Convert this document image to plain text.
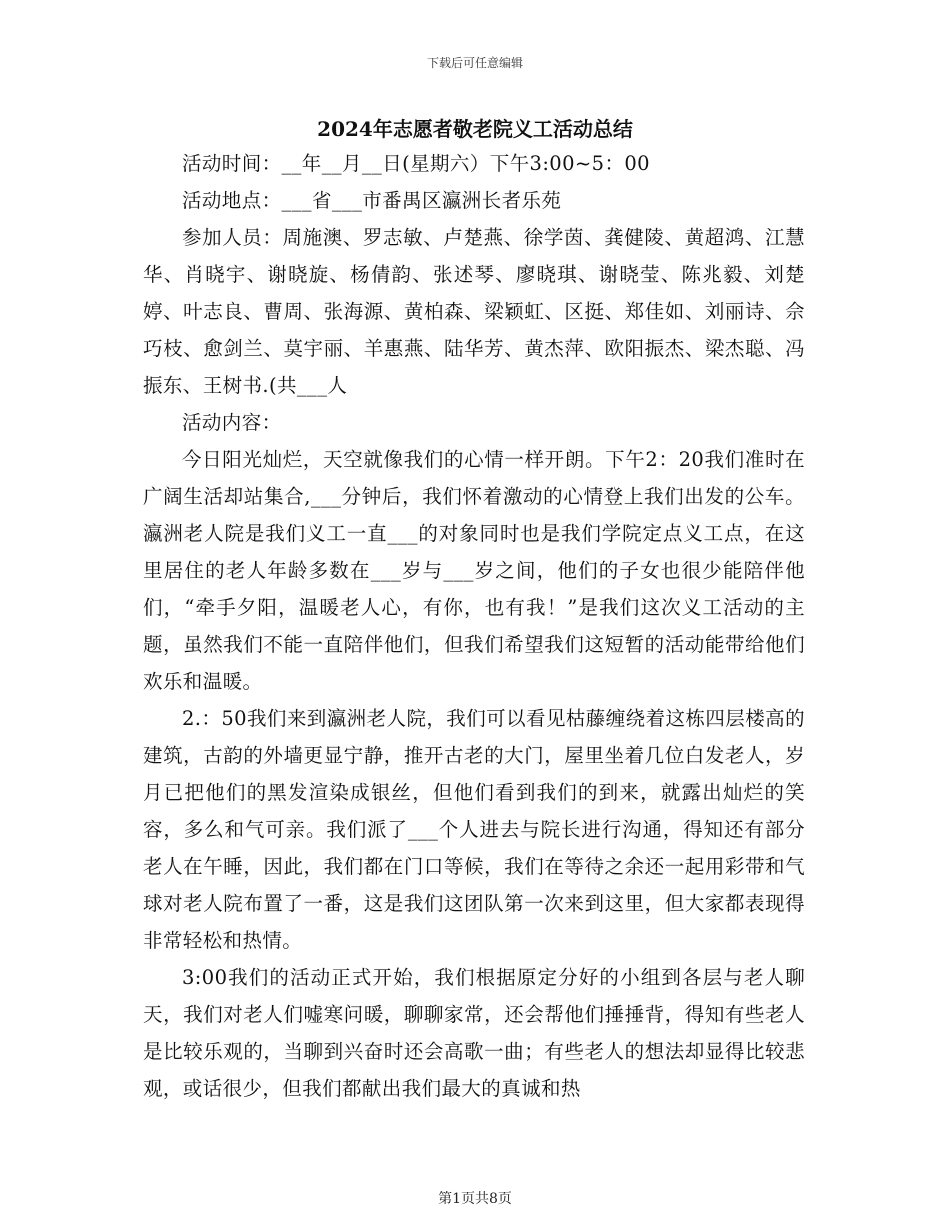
下载后可任意编辑
2024年志愿者敬老院义工活动总结

活动时间：__年__月__日(星期六）下午3:00~5：00

活动地点：___省___市番禺区瀛洲长者乐苑

参加人员：周施澳、罗志敏、卢楚燕、徐学茵、龚健陵、黄超鸿、江慧华、肖晓宇、谢晓旋、杨倩韵、张述琴、廖晓琪、谢晓莹、陈兆毅、刘楚婷、叶志良、曹周、张海源、黄柏森、梁颖虹、区挺、郑佳如、刘丽诗、佘巧枝、愈剑兰、莫宇丽、羊惠燕、陆华芳、黄杰萍、欧阳振杰、梁杰聪、冯振东、王树书.(共___人

活动内容：

今日阳光灿烂，天空就像我们的心情一样开朗。下午2：20我们准时在广阔生活却站集合,___分钟后，我们怀着激动的心情登上我们出发的公车。瀛洲老人院是我们义工一直___的对象同时也是我们学院定点义工点，在这里居住的老人年龄多数在___岁与___岁之间，他们的子女也很少能陪伴他们，“牵手夕阳，温暖老人心，有你，也有我！”是我们这次义工活动的主题，虽然我们不能一直陪伴他们，但我们希望我们这短暂的活动能带给他们欢乐和温暖。

2.：50我们来到瀛洲老人院，我们可以看见枯藤缠绕着这栋四层楼高的建筑，古韵的外墙更显宁静，推开古老的大门，屋里坐着几位白发老人，岁月已把他们的黑发渲染成银丝，但他们看到我们的到来，就露出灿烂的笑容，多么和气可亲。我们派了___个人进去与院长进行沟通，得知还有部分老人在午睡，因此，我们都在门口等候，我们在等待之余还一起用彩带和气球对老人院布置了一番，这是我们这团队第一次来到这里，但大家都表现得非常轻松和热情。

3:00我们的活动正式开始，我们根据原定分好的小组到各层与老人聊天，我们对老人们嘘寒问暖，聊聊家常，还会帮他们捶捶背，得知有些老人是比较乐观的，当聊到兴奋时还会高歌一曲；有些老人的想法却显得比较悲观，或话很少，但我们都献出我们最大的真诚和热

第1页共8页
